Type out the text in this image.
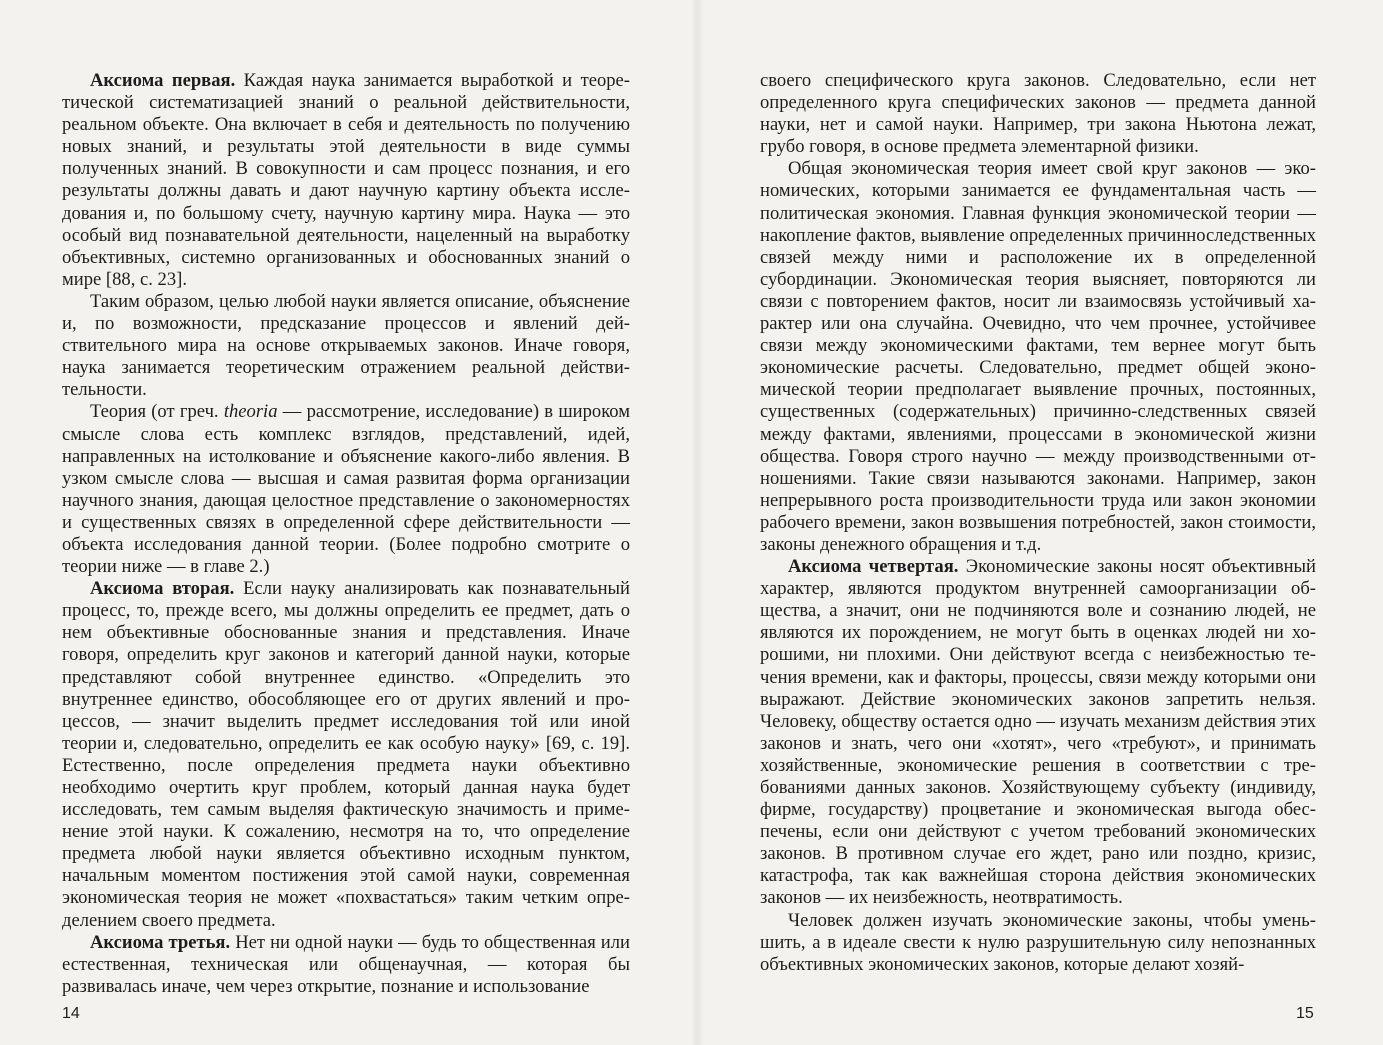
Аксиома первая. Каждая наука занимается выработкой и теоретической систематизацией знаний о реальной действительности, реальном объекте. Она включает в себя и деятельность по получению новых знаний, и результаты этой деятельности в виде суммы полученных знаний. В совокупности и сам процесс познания, и его результаты должны давать и дают научную картину объекта исследования и, по большому счету, научную картину мира. Наука — это особый вид познавательной деятельности, нацеленный на выработку объективных, системно организованных и обоснованных знаний о мире [88, с. 23].

Таким образом, целью любой науки является описание, объяснение и, по возможности, предсказание процессов и явлений действительного мира на основе открываемых законов. Иначе говоря, наука занимается теоретическим отражением реальной действительности.

Теория (от греч. theoria — рассмотрение, исследование) в широком смысле слова есть комплекс взглядов, представлений, идей, направленных на истолкование и объяснение какого-либо явления. В узком смысле слова — высшая и самая развитая форма организации научного знания, дающая целостное представление о закономерностях и существенных связях в определенной сфере действительности — объекта исследования данной теории. (Более подробно смотрите о теории ниже — в главе 2.)

Аксиома вторая. Если науку анализировать как познавательный процесс, то, прежде всего, мы должны определить ее предмет, дать о нем объективные обоснованные знания и представления. Иначе говоря, определить круг законов и категорий данной науки, которые представляют собой внутреннее единство. «Определить это внутреннее единство, обособляющее его от других явлений и процессов, — значит выделить предмет исследования той или иной теории и, следовательно, определить ее как особую науку» [69, с. 19]. Естественно, после определения предмета науки объективно необходимо очертить круг проблем, который данная наука будет исследовать, тем самым выделяя фактическую значимость и применение этой науки. К сожалению, несмотря на то, что определение предмета любой науки является объективно исходным пунктом, начальным моментом постижения этой самой науки, современная экономическая теория не может «похвастаться» таким четким определением своего предмета.

Аксиома третья. Нет ни одной науки — будь то общественная или естественная, техническая или общенаучная, — которая бы развивалась иначе, чем через открытие, познание и использование

своего специфического круга законов. Следовательно, если нет определенного круга специфических законов — предмета данной науки, нет и самой науки. Например, три закона Ньютона лежат, грубо говоря, в основе предмета элементарной физики.

Общая экономическая теория имеет свой круг законов — экономических, которыми занимается ее фундаментальная часть — политическая экономия. Главная функция экономической теории — накопление фактов, выявление определенных причинноследственных связей между ними и расположение их в определенной субординации. Экономическая теория выясняет, повторяются ли связи с повторением фактов, носит ли взаимосвязь устойчивый характер или она случайна. Очевидно, что чем прочнее, устойчивее связи между экономическими фактами, тем вернее могут быть экономические расчеты. Следовательно, предмет общей экономической теории предполагает выявление прочных, постоянных, существенных (содержательных) причинно-следственных связей между фактами, явлениями, процессами в экономической жизни общества. Говоря строго научно — между производственными отношениями. Такие связи называются законами. Например, закон непрерывного роста производительности труда или закон экономии рабочего времени, закон возвышения потребностей, закон стоимости, законы денежного обращения и т.д.

Аксиома четвертая. Экономические законы носят объективный характер, являются продуктом внутренней самоорганизации общества, а значит, они не подчиняются воле и сознанию людей, не являются их порождением, не могут быть в оценках людей ни хорошими, ни плохими. Они действуют всегда с неизбежностью течения времени, как и факторы, процессы, связи между которыми они выражают. Действие экономических законов запретить нельзя. Человеку, обществу остается одно — изучать механизм действия этих законов и знать, чего они «хотят», чего «требуют», и принимать хозяйственные, экономические решения в соответствии с требованиями данных законов. Хозяйствующему субъекту (индивиду, фирме, государству) процветание и экономическая выгода обеспечены, если они действуют с учетом требований экономических законов. В противном случае его ждет, рано или поздно, кризис, катастрофа, так как важнейшая сторона действия экономических законов — их неизбежность, неотвратимость.

Человек должен изучать экономические законы, чтобы уменьшить, а в идеале свести к нулю разрушительную силу непознанных объективных экономических законов, которые делают хозяй-

14	15
